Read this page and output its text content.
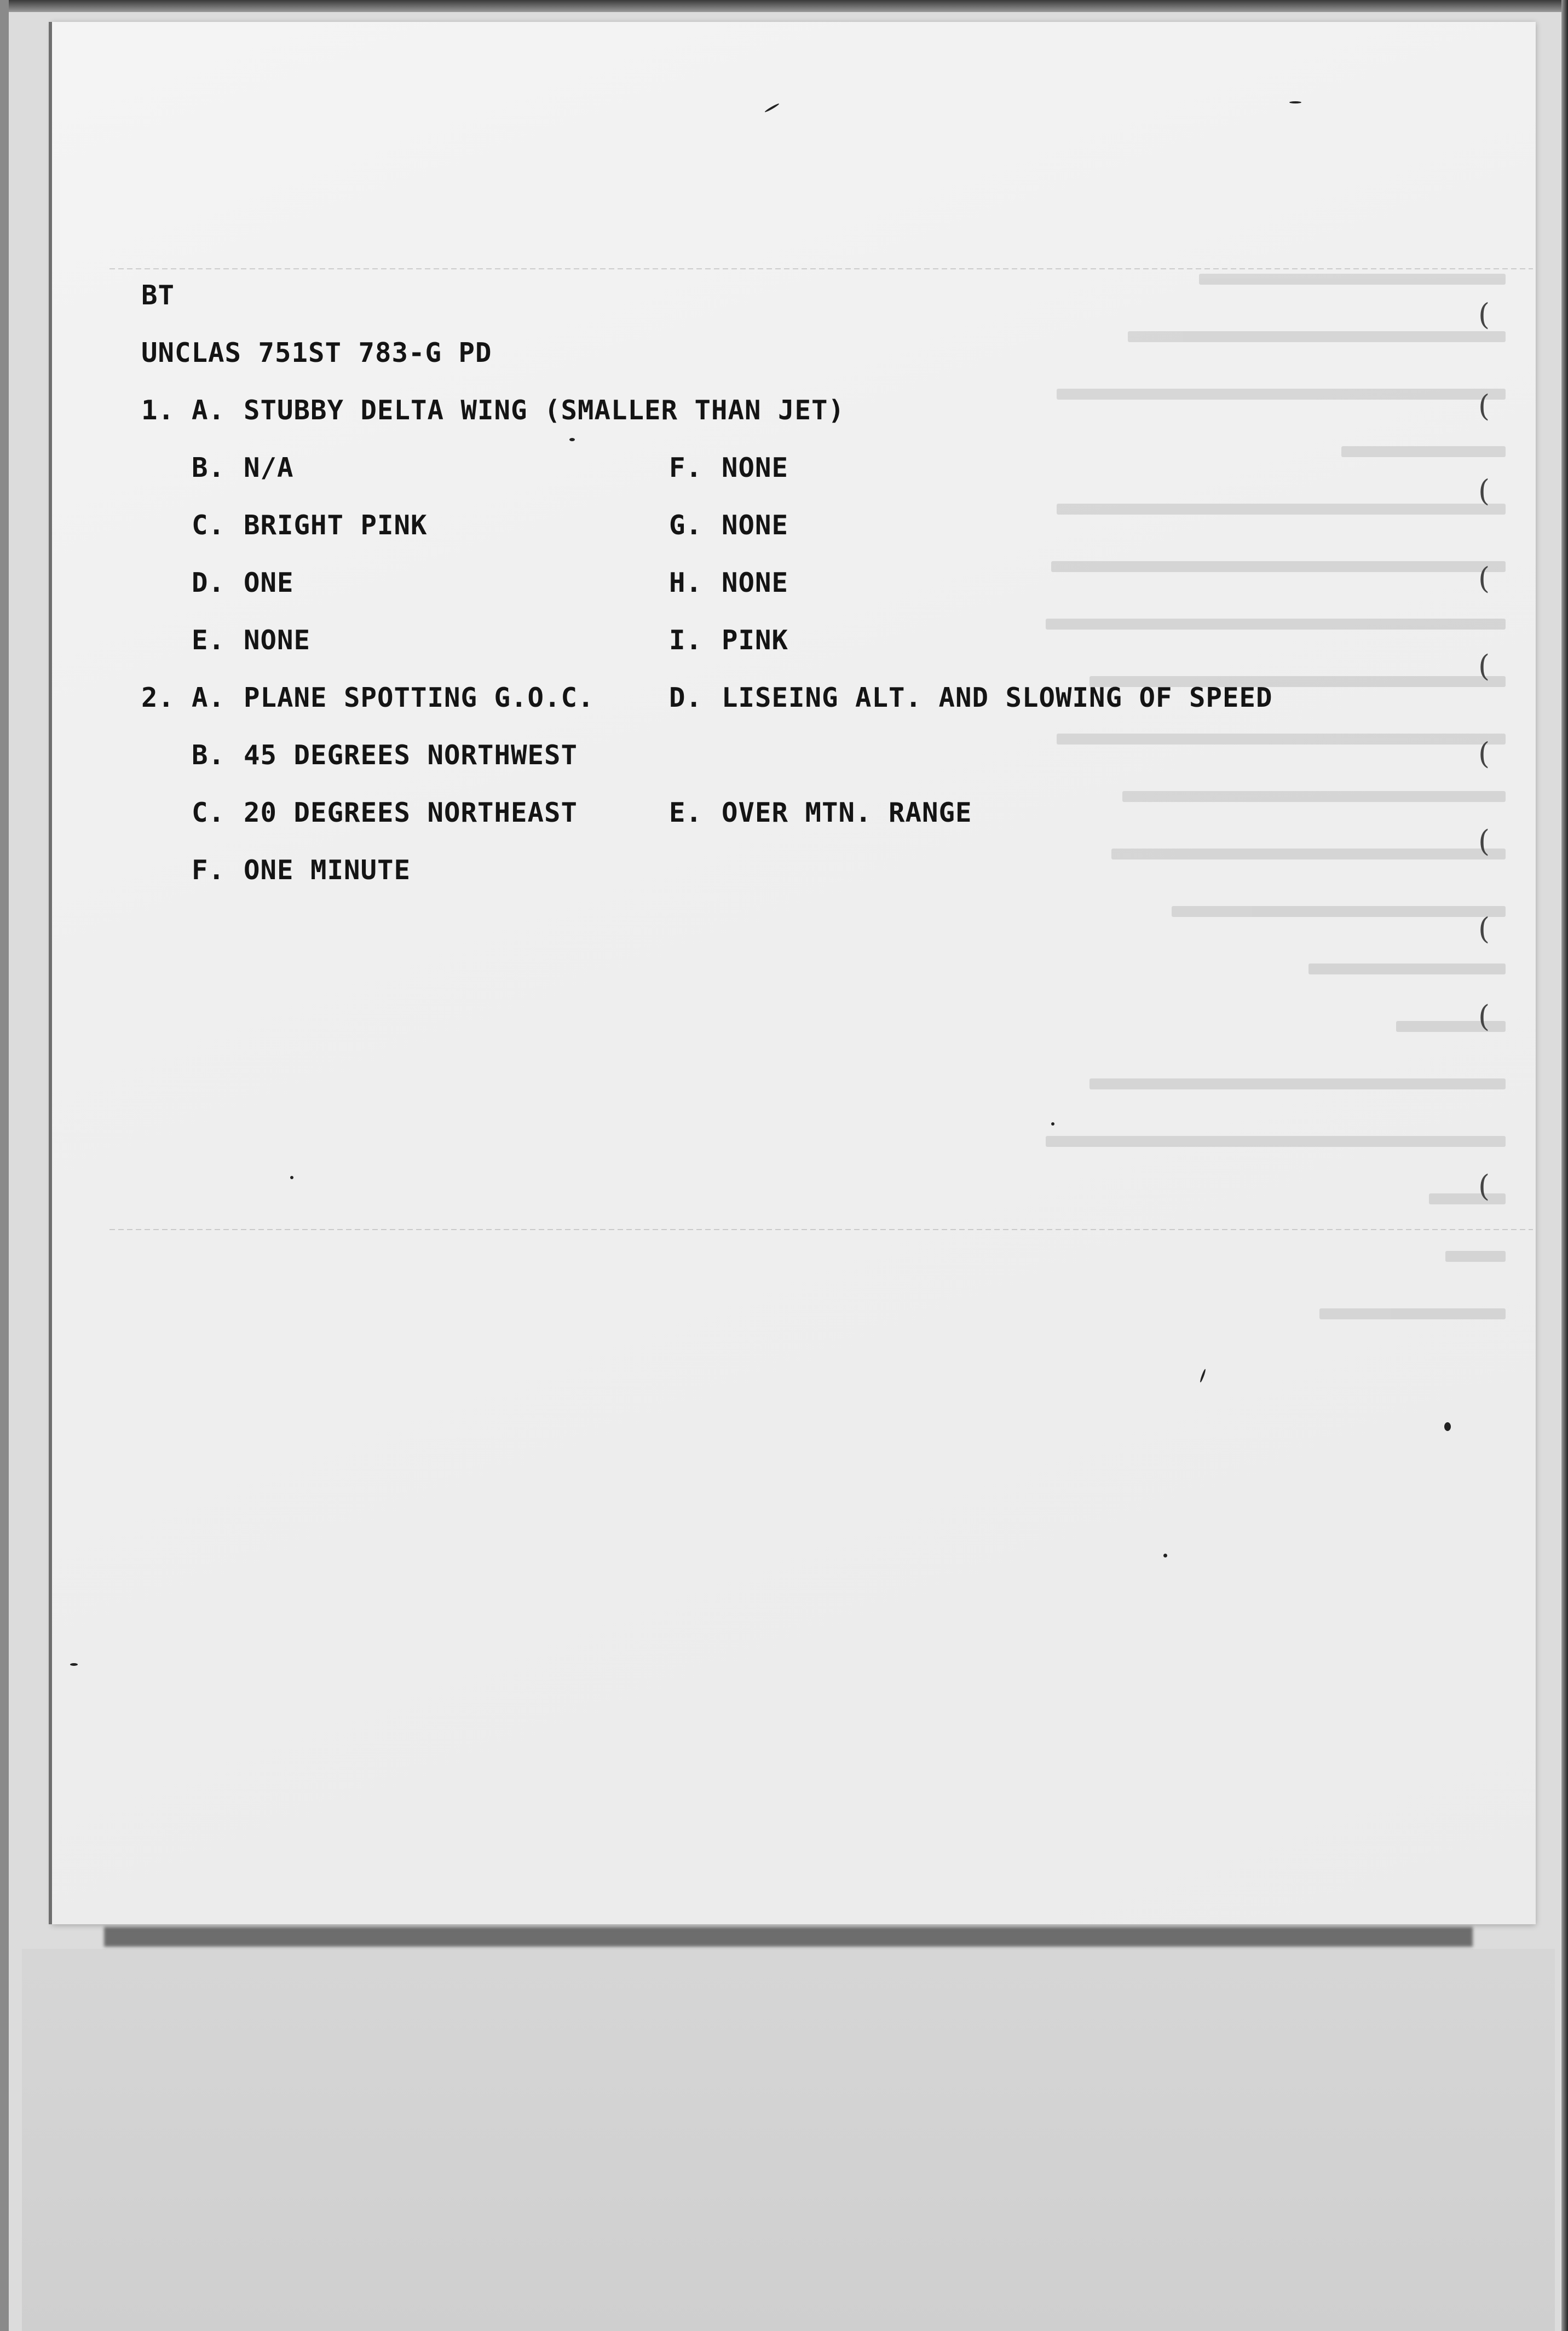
(
(
(
(
(
(
(
(
(
(
BT
UNCLAS 751ST 783-G PD
1. A. STUBBY DELTA WING (SMALLER THAN JET)
B. N/A	F. NONE
C. BRIGHT PINK	G. NONE
D. ONE	H. NONE
E. NONE	I. PINK
2. A. PLANE SPOTTING G.O.C.	D. LISEING ALT. AND SLOWING OF SPEED
B. 45 DEGREES NORTHWEST
C. 20 DEGREES NORTHEAST	E. OVER MTN. RANGE
F. ONE MINUTE
